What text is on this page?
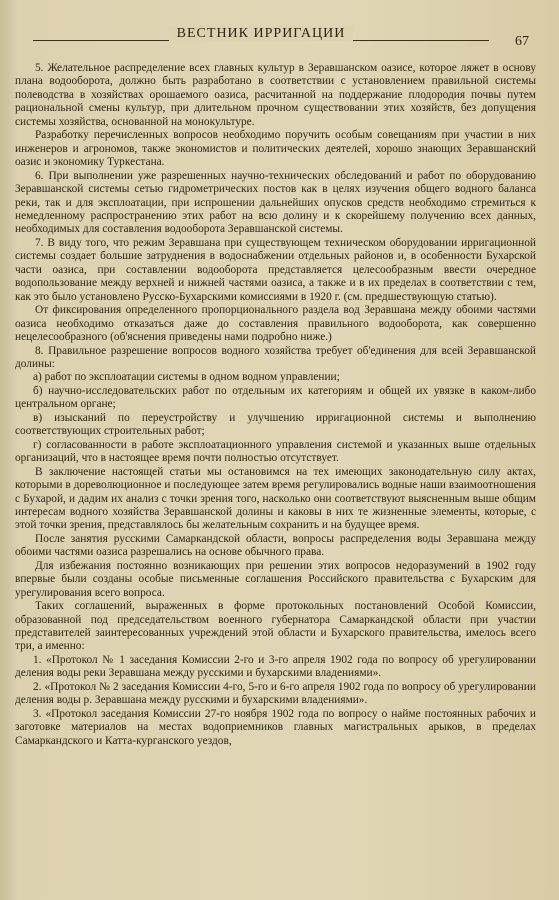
ВЕСТНИК ИРРИГАЦИИ
67

5. Желательное распределение всех главных культур в Зеравшанском оазисе, которое ляжет в основу плана водооборота, должно быть разработано в соответствии с установлением правильной системы полеводства в хозяйствах орошаемого оазиса, расчитанной на поддержание плодородия почвы путем рациональной смены культур, при длительном прочном существовании этих хозяйств, без допущения системы хозяйства, основанной на монокультуре.

Разработку перечисленных вопросов необходимо поручить особым совещаниям при участии в них инженеров и агрономов, также экономистов и политических деятелей, хорошо знающих Зеравшанский оазис и экономику Туркестана.

6. При выполнении уже разрешенных научно-технических обследований и работ по оборудованию Зеравшанской системы сетью гидрометрических постов как в целях изучения общего водного баланса реки, так и для эксплоатации, при испрошении дальнейших опусков средств необходимо стремиться к немедленному распространению этих работ на всю долину и к скорейшему получению всех данных, необходимых для составления водооборота Зеравшанской системы.

7. В виду того, что режим Зеравшана при существующем техническом оборудовании ирригационной системы создает большие затруднения в водоснабжении отдельных районов и, в особенности Бухарской части оазиса, при составлении водооборота представляется целесообразным ввести очередное водопользование между верхней и нижней частями оазиса, а также и в их пределах в соответствии с тем, как это было установлено Русско-Бухарскими комиссиями в 1920 г. (см. предшествующую статью).

От фиксирования определенного пропорционального раздела вод Зеравшана между обоими частями оазиса необходимо отказаться даже до составления правильного водооборота, как совершенно нецелесообразного (об'яснения приведены нами подробно ниже.)

8. Правильное разрешение вопросов водного хозяйства требует об'единения для всей Зеравшанской долины:

а) работ по эксплоатации системы в одном водном управлении;

б) научно-исследовательских работ по отдельным их категориям и общей их увязке в каком-либо центральном органе;

в) изысканий по переустройству и улучшению ирригационной системы и выполнению соответствующих строительных работ;

г) согласованности в работе эксплоатационного управления системой и указанных выше отдельных организаций, что в настоящее время почти полностью отсутствует.

В заключение настоящей статьи мы остановимся на тех имеющих законодательную силу актах, которыми в дореволюционное и последующее затем время регулировались водные наши взаимоотношения с Бухарой, и дадим их анализ с точки зрения того, насколько они соответствуют выясненным выше общим интересам водного хозяйства Зеравшанской долины и каковы в них те жизненные элементы, которые, с этой точки зрения, представлялось бы желательным сохранить и на будущее время.

После занятия русскими Самаркандской области, вопросы распределения воды Зеравшана между обоими частями оазиса разрешались на основе обычного права.

Для избежания постоянно возникающих при решении этих вопросов недоразумений в 1902 году впервые были созданы особые письменные соглашения Российского правительства с Бухарским для урегулирования всего вопроса.

Таких соглашений, выраженных в форме протокольных постановлений Особой Комиссии, образованной под председательством военного губернатора Самаркандской области при участии представителей заинтересованных учреждений этой области и Бухарского правительства, имелось всего три, а именно:

1. «Протокол № 1 заседания Комиссии 2-го и 3-го апреля 1902 года по вопросу об урегулировании деления воды реки Зеравшана между русскими и бухарскими владениями».

2. «Протокол № 2 заседания Комиссии 4-го, 5-го и 6-го апреля 1902 года по вопросу об урегулировании деления воды р. Зеравшана между русскими и бухарскими владениями».

3. «Протокол заседания Комиссии 27-го ноября 1902 года по вопросу о найме постоянных рабочих и заготовке материалов на местах водоприемников главных магистральных арыков, в пределах Самаркандского и Катта-курганского уездов,
